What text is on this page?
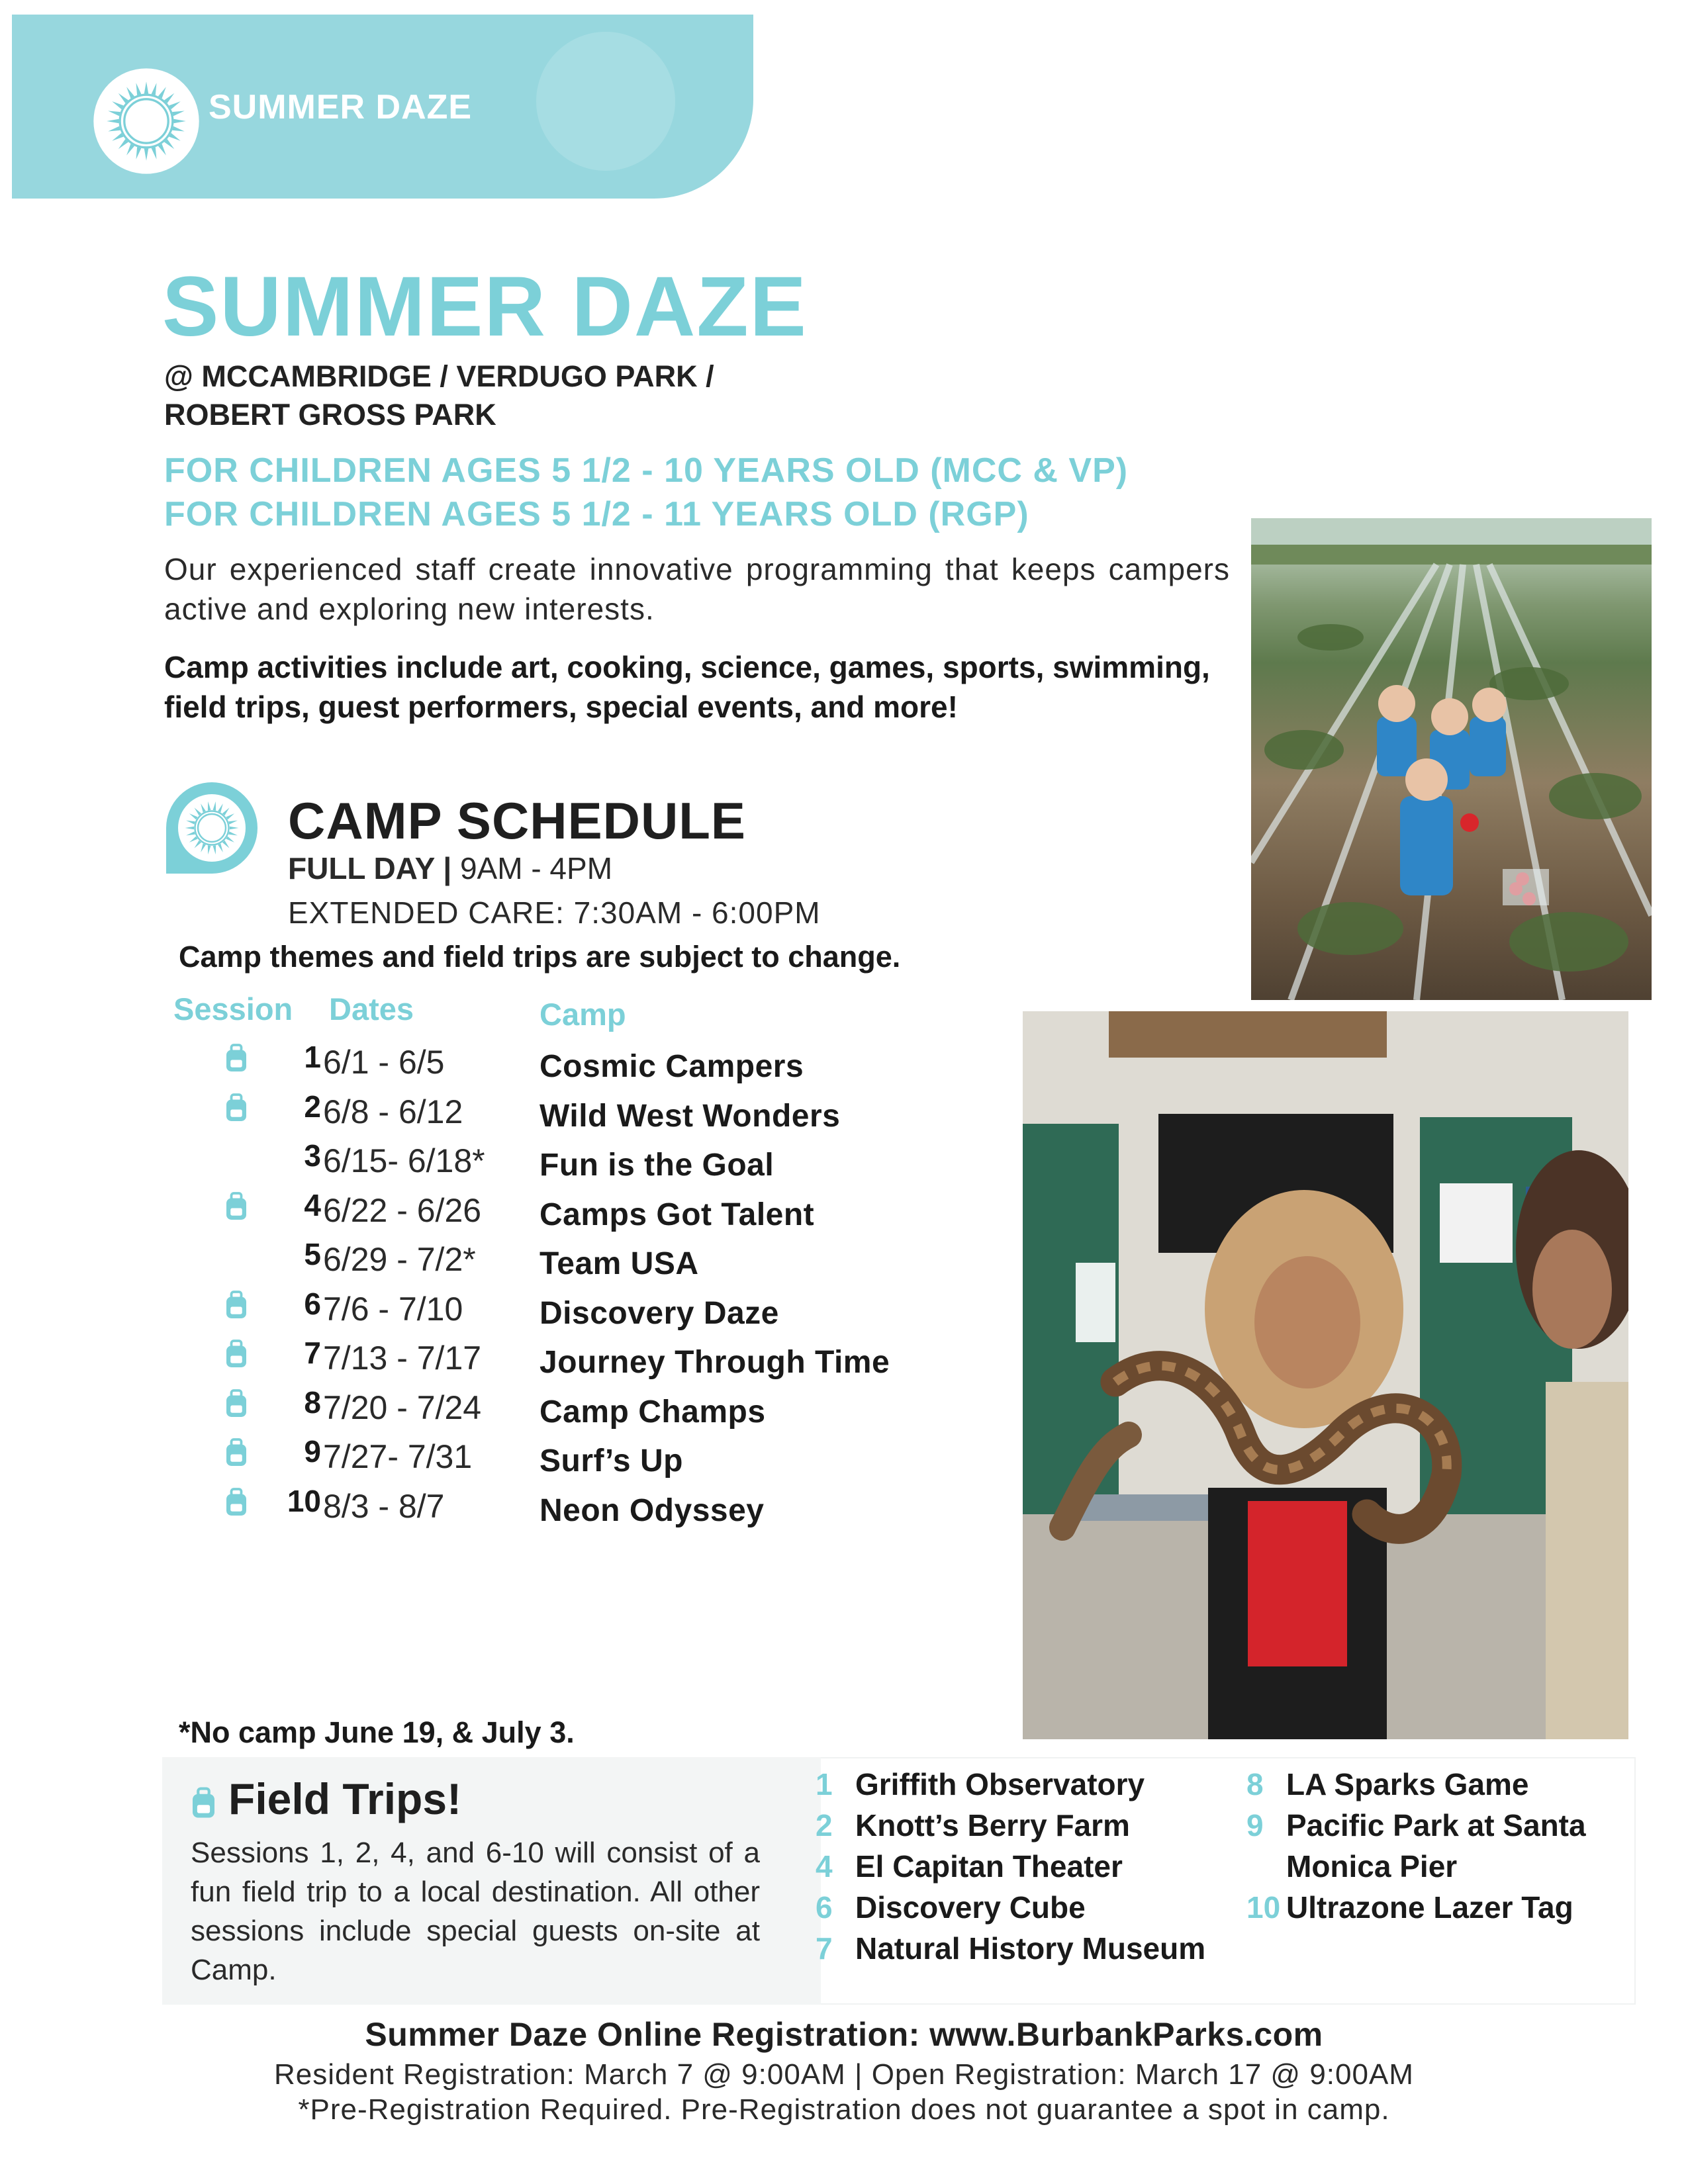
SUMMER DAZE
SUMMER DAZE
@ MCCAMBRIDGE / VERDUGO PARK /
ROBERT GROSS PARK
FOR CHILDREN AGES 5 1/2 - 10 YEARS OLD (MCC & VP)
FOR CHILDREN AGES 5 1/2 - 11 YEARS OLD (RGP)
Our experienced staff create innovative programming that keeps campers active and exploring new interests.
Camp activities include art, cooking, science, games, sports, swimming, field trips, guest performers, special events, and more!
CAMP SCHEDULE
FULL DAY | 9AM - 4PM
EXTENDED CARE: 7:30AM - 6:00PM
Camp themes and field trips are subject to change.
Session Dates	Camp
1 6/1 - 6/5	Cosmic Campers
2 6/8 - 6/12 Wild West Wonders
3 6/15- 6/18* Fun is the Goal
4 6/22 - 6/26 Camps Got Talent
5 6/29 - 7/2* Team USA
6 7/6 - 7/10 Discovery Daze
7 7/13 - 7/17 Journey Through Time
8 7/20 - 7/24 Camp Champs
9 7/27- 7/31 Surf’s Up
10 8/3 - 8/7	Neon Odyssey
*No camp June 19, & July 3.
Field Trips!
Sessions 1, 2, 4, and 6-10 will consist of a fun field trip to a local destination. All other sessions include special guests on-site at Camp.
1 Griffith Observatory
2 Knott’s Berry Farm
4 El Capitan Theater
6 Discovery Cube
7 Natural History Museum
8 LA Sparks Game
9 Pacific Park at Santa
Monica Pier
10 Ultrazone Lazer Tag
Summer Daze Online Registration: www.BurbankParks.com
Resident Registration: March 7 @ 9:00AM | Open Registration: March 17 @ 9:00AM
*Pre-Registration Required. Pre-Registration does not guarantee a spot in camp.
